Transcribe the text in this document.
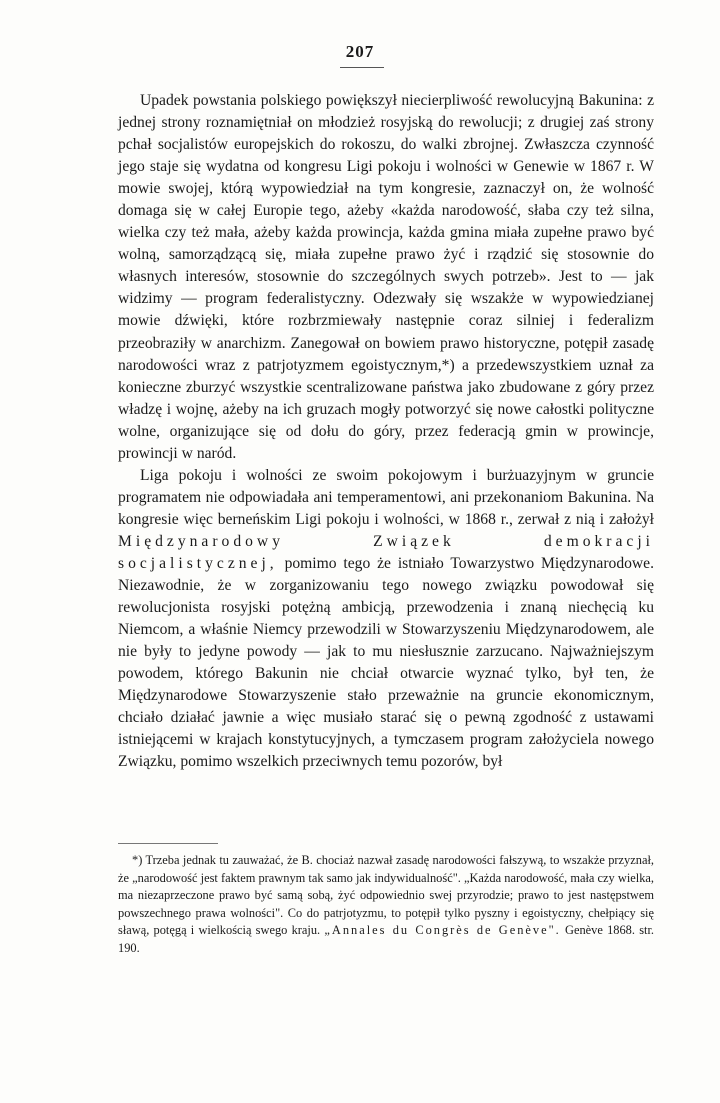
207

Upadek powstania polskiego powiększył niecierpliwość rewolucyjną Bakunina: z jednej strony roznamiętniał on młodzież rosyjską do rewolucji; z drugiej zaś strony pchał socjalistów europejskich do rokoszu, do walki zbrojnej. Zwłaszcza czynność jego staje się wydatna od kongresu Ligi pokoju i wolności w Genewie w 1867 r. W mowie swojej, którą wypowiedział na tym kongresie, zaznaczył on, że wolność domaga się w całej Europie tego, ażeby «każda narodowość, słaba czy też silna, wielka czy też mała, ażeby każda prowincja, każda gmina miała zupełne prawo być wolną, samorządzącą się, miała zupełne prawo żyć i rządzić się stosownie do własnych interesów, stosownie do szczególnych swych potrzeb». Jest to — jak widzimy — program federalistyczny. Odezwały się wszakże w wypowiedzianej mowie dźwięki, które rozbrzmiewały następnie coraz silniej i federalizm przeobraziły w anarchizm. Zanegował on bowiem prawo historyczne, potępił zasadę narodowości wraz z patrjotyzmem egoistycznym,*) a przedewszystkiem uznał za konieczne zburzyć wszystkie scentralizowane państwa jako zbudowane z góry przez władzę i wojnę, ażeby na ich gruzach mogły potworzyć się nowe całostki polityczne wolne, organizujące się od dołu do góry, przez federacją gmin w prowincje, prowincji w naród.

Liga pokoju i wolności ze swoim pokojowym i burżuazyjnym w gruncie programatem nie odpowiadała ani temperamentowi, ani przekonaniom Bakunina. Na kongresie więc berneńskim Ligi pokoju i wolności, w 1868 r., zerwał z nią i założył Międzynarodowy Związek demokracji socjalistycznej, pomimo tego że istniało Towarzystwo Międzynarodowe. Niezawodnie, że w zorganizowaniu tego nowego związku powodował się rewolucjonista rosyjski potężną ambicją, przewodzenia i znaną niechęcią ku Niemcom, a właśnie Niemcy przewodzili w Stowarzyszeniu Międzynarodowem, ale nie były to jedyne powody — jak to mu niesłusznie zarzucano. Najważniejszym powodem, którego Bakunin nie chciał otwarcie wyznać tylko, był ten, że Międzynarodowe Stowarzyszenie stało przeważnie na gruncie ekonomicznym, chciało działać jawnie a więc musiało starać się o pewną zgodność z ustawami istniejącemi w krajach konstytucyjnych, a tymczasem program założyciela nowego Związku, pomimo wszelkich przeciwnych temu pozorów, był

*) Trzeba jednak tu zauważać, że B. chociaż nazwał zasadę narodowości fałszywą, to wszakże przyznał, że „narodowość jest faktem prawnym tak samo jak indywidualność". „Każda narodowość, mała czy wielka, ma niezaprzeczone prawo być samą sobą, żyć odpowiednio swej przyrodzie; prawo to jest następstwem powszechnego prawa wolności". Co do patrjotyzmu, to potępił tylko pyszny i egoistyczny, chełpiący się sławą, potęgą i wielkością swego kraju. „Annales du Congrès de Genève". Genève 1868. str. 190.
